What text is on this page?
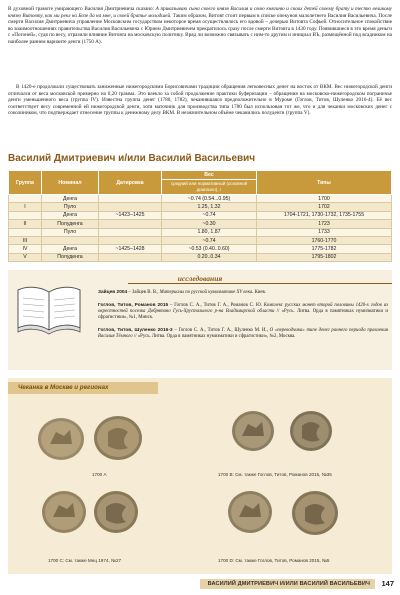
В духовной грамоте умирающего Василия Дмитриевича сказано: А приказываю сына своего князя Василия и свою княгиню и своих детей своему брату и тестю великому князю Витовту, как ми рекл на Бозе да на мне, и своей братье молодшей. Таким образом, Витовт стоит первым в списке опекунов малолетнего Василия Васильевича. После смерти Василия Дмитриевича управление Московским государством некоторое время осуществлялось его вдовой – дочерью Витовта Софьей. Относительное спокойствие во взаимоотношениях правительства Василия Васильевича с Юрием Дмитриевичем прекратилось сразу после смерти Витовта в 1430 году. Появившиеся в это время деньги с «Погоней», судя по весу, отразили влияние Витовта на московскую политику. Вряд ли возможно связывать с ним-то другим и инициал ВЪ, размещённой под всадником на наиболее раннем варианте денги (1750 А).

В 1420-е продолжали существовать заниженные нижегородскими Борисовичами традиции обращения легковесных денег на восток от ВКМ. Вес нижегородской денги отличался от веса московской примерно на 0,20 грамма. Это влекло за собой продолжение практики буферизации – обращения на московско-нижегородском пограничье денги уменьшенного веса (группа IV). Известна группа денег (1780, 1782), чеканившаяся предположительно в Муроме (Гоглов, Титов, Шуленко 2016-4). Её вес соответствует весу современной ей нижегородской денги, хотя маточник для производства типа 1780 был использован тот же, что и для чеканки московских денег с соколиником, что подтверждает отнесение группы к денежному делу ВКМ. В незначительном объёме чеканились полуденги (группа V).

Василий Дмитриевич и/или Василий Васильевич
Группа	Номинал	Датировка	Вес	Типы
			средний или нормативный (основной диапазон), г	
	Денга		~0.74 (0.54...0.95)	1700
I	Пуло		1.25, 1.32	1702
	Денга	~1423–1425	~0.74	1704-1721, 1730-1732, 1735-1755
II	Полуденга		~0.30	1723
	Пуло		1.80, 1.87	1733
III			~0.74	1760-1770
IV	Денга	~1425–1428	~0.53 (0.40..0.60)	1775-1782
V	Полуденга		0.20..0.34	1795-1802
исследования

Зайцев 2004 – Зайцев В. В., Материалы по русской нумизматике XV века. Киев.

Гоглов, Титов, Романов 2015 – Гоглов С. А., Титов Г. А., Романов С. Ю. Комплекс русских монет второй половины 1420-х годов из окрестностей поселка Добрятино Гусь-Хрустального р-на Владимирской области // «Русь. Литва. Орда в памятниках нумизматики и сфрагистики», №1, Минск.

Гоглов, Титов, Шуленко 2016-3 – Гоглов С. А., Титов Г. А., Шуленко М. И., О «переводчика» типе денег раннего периода правления Василия Тёмного // «Русь. Литва. Орда в памятниках нумизматики и сфрагистики», №2, Москва.

Чеканка в Москве и регионах
1700 А	1700 В: См. также Гоглов, Титов, Романов 2015, №35
1700 С: См. также Мец 1974, №27	1700 D: См. также Гоглов, Титов, Романов 2015, №5
ВАСИЛИЙ ДМИТРИЕВИЧ И/ИЛИ ВАСИЛИЙ ВАСИЛЬЕВИЧ 147
